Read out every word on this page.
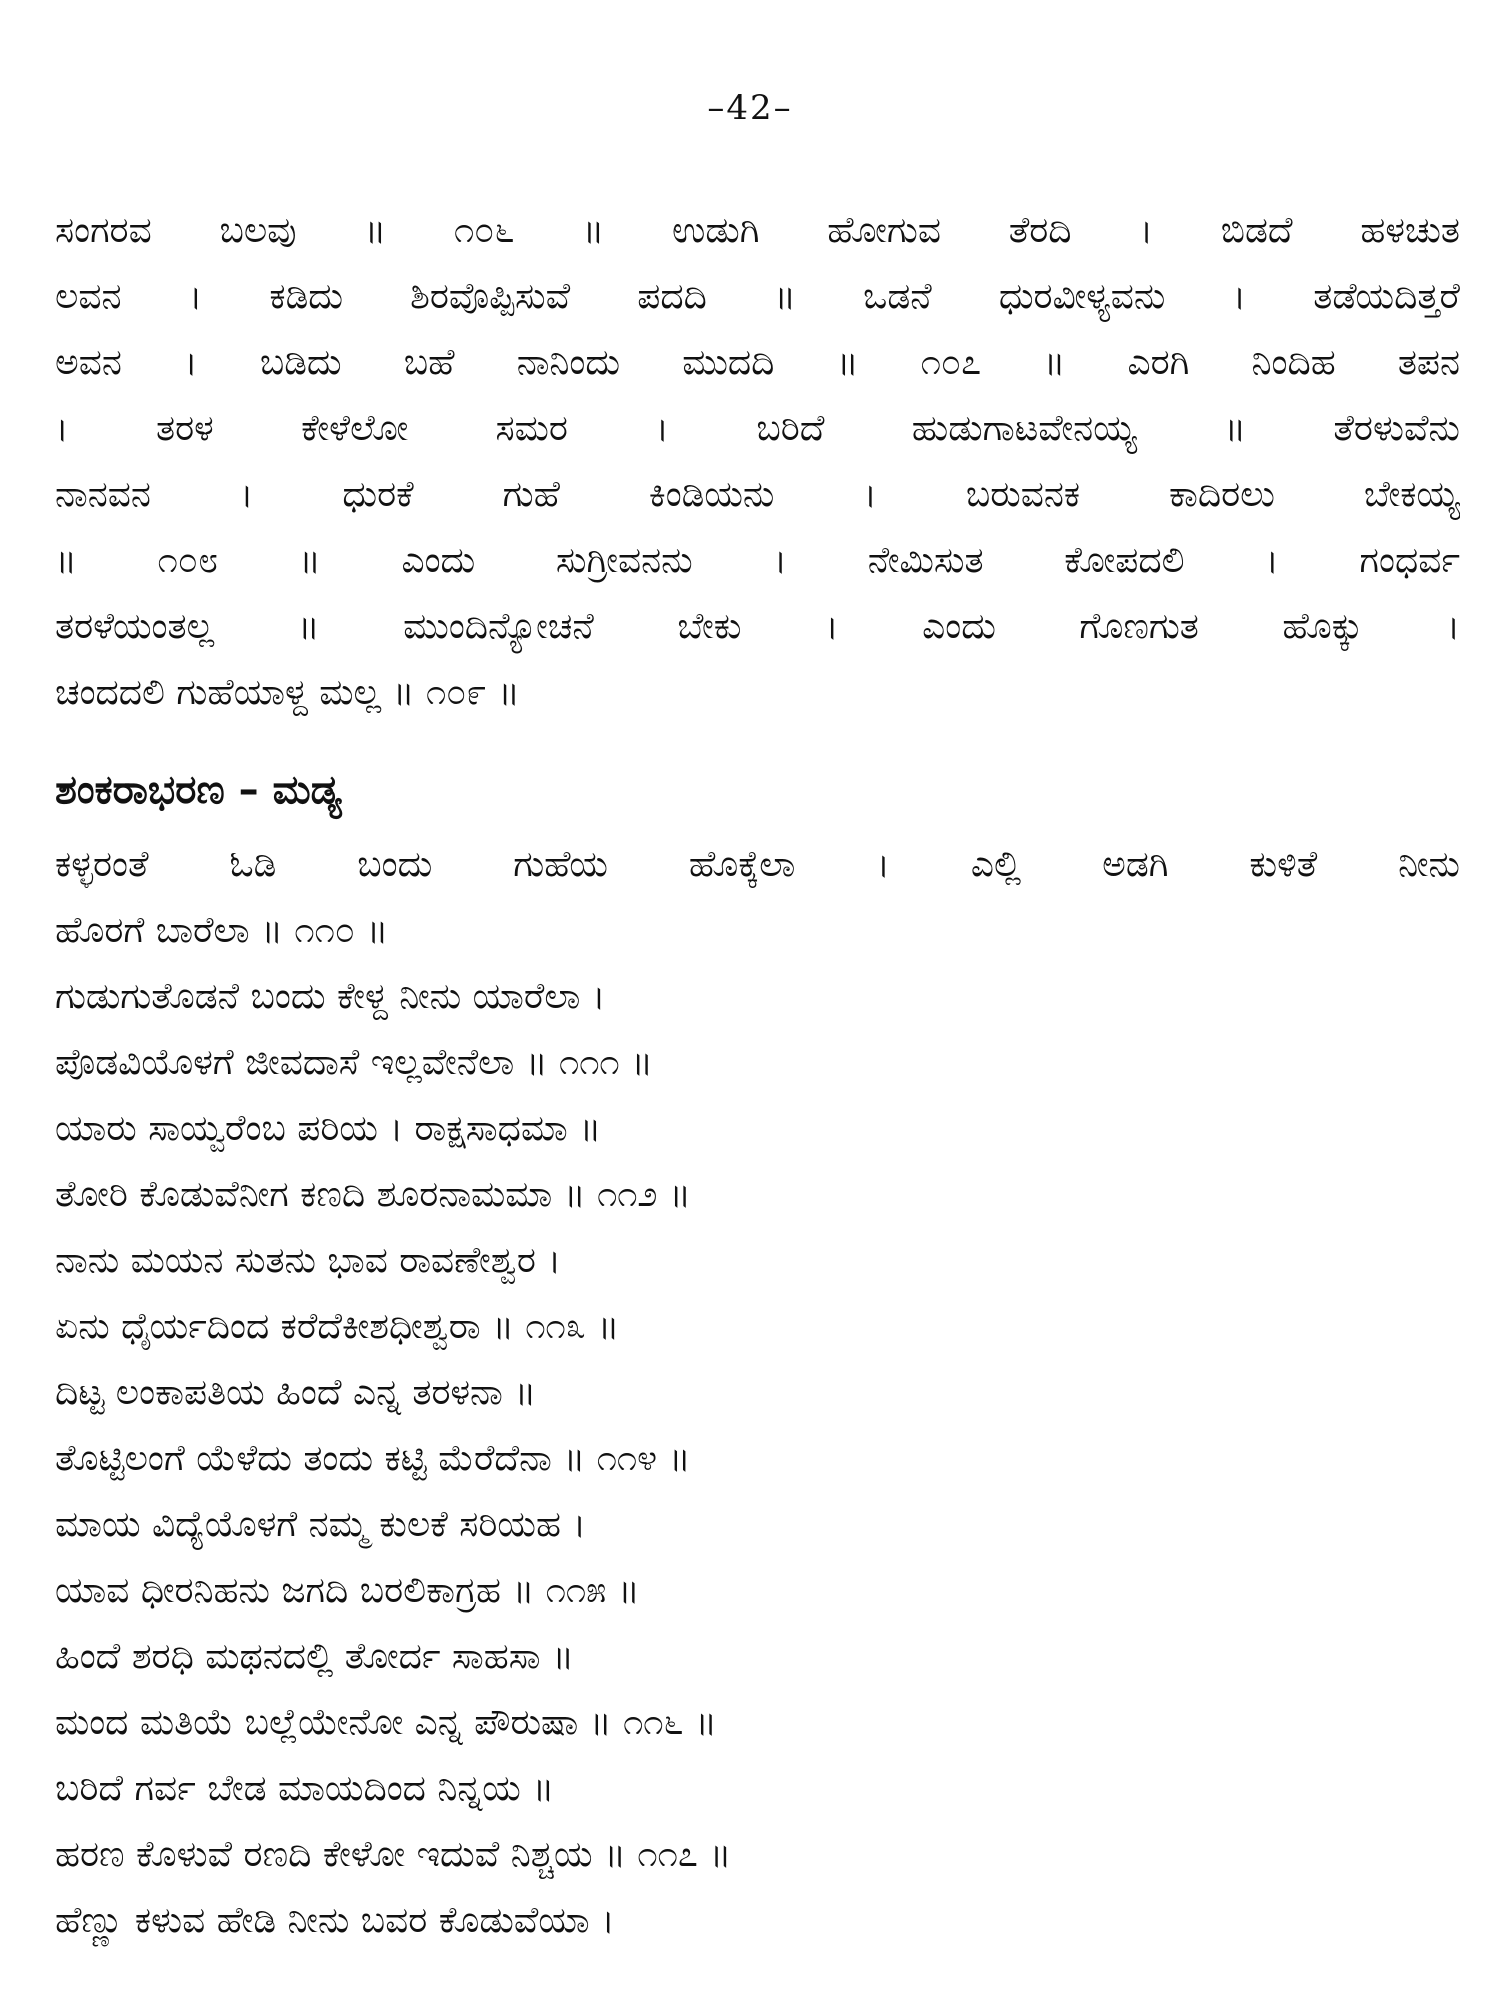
–42–
ಸಂಗರವ ಬಲವು ॥ ೧೦೬ ॥ ಉಡುಗಿ ಹೋಗುವ ತೆರದಿ । ಬಿಡದೆ ಹಳಚುತ
ಲವನ । ಕಡಿದು ಶಿರವೊಪ್ಪಿಸುವೆ ಪದದಿ ॥ ಒಡನೆ ಧುರವೀಳ್ಯವನು । ತಡೆಯದಿತ್ತರೆ
ಅವನ । ಬಡಿದು ಬಹೆ ನಾನಿಂದು ಮುದದಿ ॥ ೧೦೭ ॥ ಎರಗಿ ನಿಂದಿಹ ತಪನ
। ತರಳ ಕೇಳೆಲೋ ಸಮರ । ಬರಿದೆ ಹುಡುಗಾಟವೇನಯ್ಯ ॥ ತೆರಳುವೆನು
ನಾನವನ । ಧುರಕೆ ಗುಹೆ ಕಿಂಡಿಯನು । ಬರುವನಕ ಕಾದಿರಲು ಬೇಕಯ್ಯ
॥ ೧೦೮ ॥ ಎಂದು ಸುಗ್ರೀವನನು । ನೇಮಿಸುತ ಕೋಪದಲಿ । ಗಂಧರ್ವ
ತರಳೆಯಂತಲ್ಲ ॥ ಮುಂದಿನ್ಯೋಚನೆ ಬೇಕು । ಎಂದು ಗೊಣಗುತ ಹೊಕ್ಕು ।
ಚಂದದಲಿ ಗುಹೆಯಾಳ್ದ ಮಲ್ಲ ॥ ೧೦೯ ॥
ಶಂಕರಾಭರಣ – ಮಡ್ಯ
ಕಳ್ಳರಂತೆ ಓಡಿ ಬಂದು ಗುಹೆಯ ಹೊಕ್ಕೆಲಾ । ಎಲ್ಲಿ ಅಡಗಿ ಕುಳಿತೆ ನೀನು
ಹೊರಗೆ ಬಾರೆಲಾ ॥ ೧೧೦ ॥
ಗುಡುಗುತೊಡನೆ ಬಂದು ಕೇಳ್ದ ನೀನು ಯಾರೆಲಾ ।
ಪೊಡವಿಯೊಳಗೆ ಜೀವದಾಸೆ ಇಲ್ಲವೇನೆಲಾ ॥ ೧೧೧ ॥
ಯಾರು ಸಾಯ್ವರೆಂಬ ಪರಿಯ । ರಾಕ್ಷಸಾಧಮಾ ॥
ತೋರಿ ಕೊಡುವೆನೀಗ ಕಣದಿ ಶೂರನಾಮಮಾ ॥ ೧೧೨ ॥
ನಾನು ಮಯನ ಸುತನು ಭಾವ ರಾವಣೇಶ್ವರ ।
ಏನು ಧೈರ್ಯದಿಂದ ಕರೆದೆಕೀಶಧೀಶ್ವರಾ ॥ ೧೧೩ ॥
ದಿಟ್ಟ ಲಂಕಾಪತಿಯ ಹಿಂದೆ ಎನ್ನ ತರಳನಾ ॥
ತೊಟ್ಟಿಲಂಗೆ ಯೆಳೆದು ತಂದು ಕಟ್ಟಿ ಮೆರೆದೆನಾ ॥ ೧೧೪ ॥
ಮಾಯ ವಿದ್ಯೆಯೊಳಗೆ ನಮ್ಮ ಕುಲಕೆ ಸರಿಯಹ ।
ಯಾವ ಧೀರನಿಹನು ಜಗದಿ ಬರಲಿಕಾಗ್ರಹ ॥ ೧೧೫ ॥
ಹಿಂದೆ ಶರಧಿ ಮಥನದಲ್ಲಿ ತೋರ್ದ ಸಾಹಸಾ ॥
ಮಂದ ಮತಿಯೆ ಬಲ್ಲೆಯೇನೋ ಎನ್ನ ಪೌರುಷಾ ॥ ೧೧೬ ॥
ಬರಿದೆ ಗರ್ವ ಬೇಡ ಮಾಯದಿಂದ ನಿನ್ನಯ ॥
ಹರಣ ಕೊಳುವೆ ರಣದಿ ಕೇಳೋ ಇದುವೆ ನಿಶ್ಚಯ ॥ ೧೧೭ ॥
ಹೆಣ್ಣು ಕಳುವ ಹೇಡಿ ನೀನು ಬವರ ಕೊಡುವೆಯಾ ।
